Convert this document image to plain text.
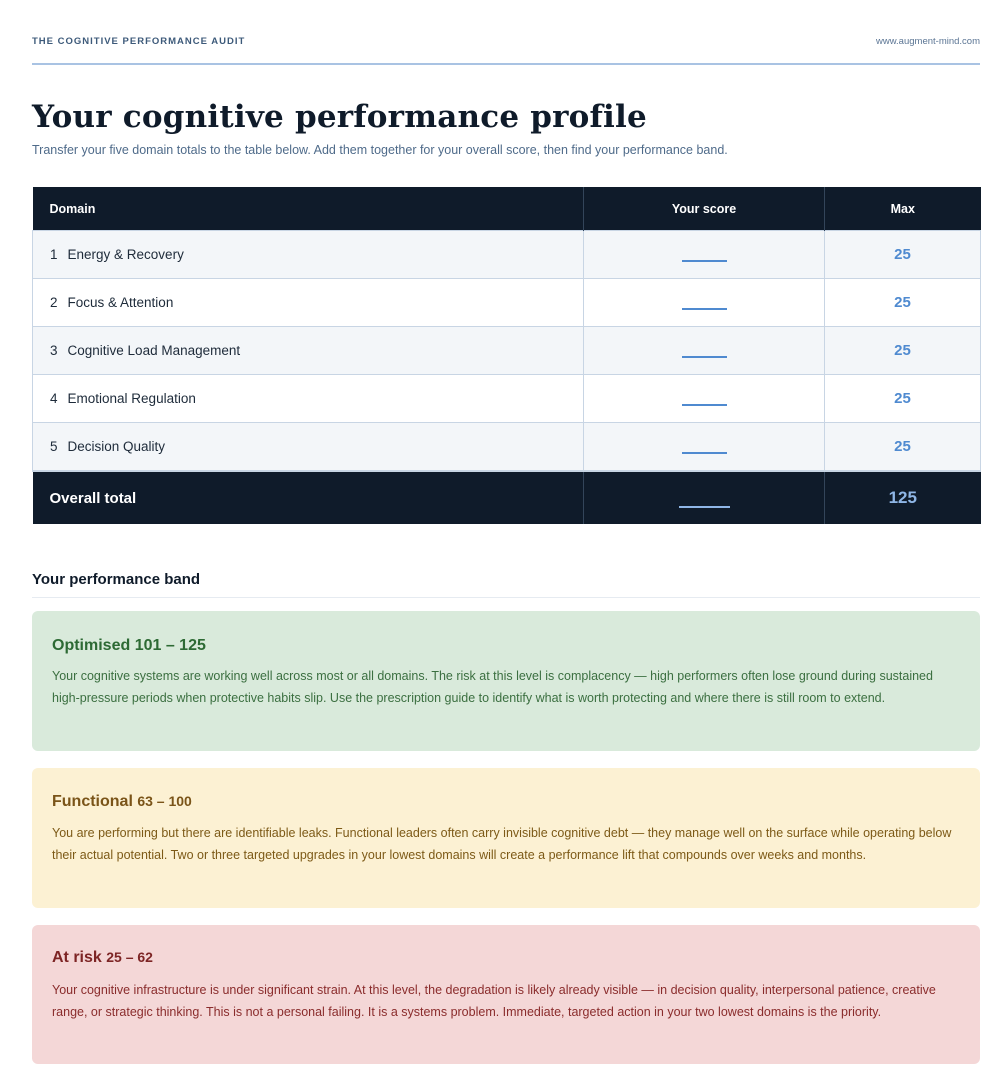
THE COGNITIVE PERFORMANCE AUDIT	www.augment-mind.com
Your cognitive performance profile
Transfer your five domain totals to the table below. Add them together for your overall score, then find your performance band.
Domain	Your score	Max
1 Energy & Recovery		25
2 Focus & Attention		25
3 Cognitive Load Management		25
4 Emotional Regulation		25
5 Decision Quality		25
Overall total		125
Your performance band
Optimised 101 – 125

Your cognitive systems are working well across most or all domains. The risk at this level is complacency — high performers often lose ground during sustained high-pressure periods when protective habits slip. Use the prescription guide to identify what is worth protecting and where there is still room to extend.

Functional 63 – 100

You are performing but there are identifiable leaks. Functional leaders often carry invisible cognitive debt — they manage well on the surface while operating below their actual potential. Two or three targeted upgrades in your lowest domains will create a performance lift that compounds over weeks and months.

At risk 25 – 62

Your cognitive infrastructure is under significant strain. At this level, the degradation is likely already visible — in decision quality, interpersonal patience, creative range, or strategic thinking. This is not a personal failing. It is a systems problem. Immediate, targeted action in your two lowest domains is the priority.
